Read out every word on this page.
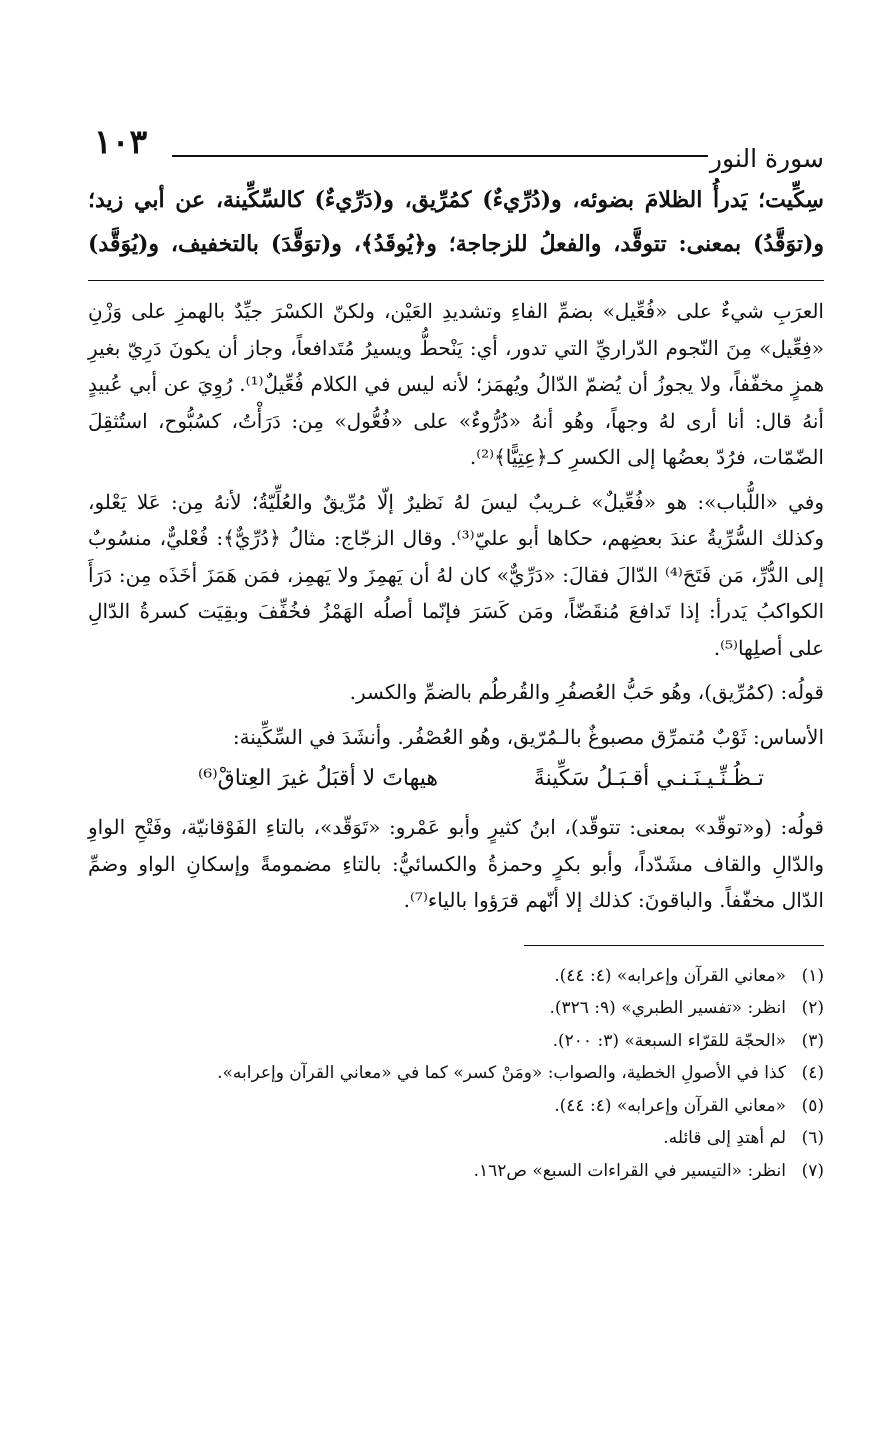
سورة النور
١٠٣
سِكِّيت؛ يَدرأُ الظلامَ بضوئه، و(دُرِّيءٌ) كمُرِّيق، و(دَرِّيءٌ) كالسِّكِّينة، عن أبي زيد؛
و(توَقَّدُ) بمعنى: تتوقَّد، والفعلُ للزجاجة؛ و﴿يُوقَدُ﴾، و(توَقَّدَ) بالتخفيف، و(يُوَقَّد)

العرَبِ شيءٌ على «فُعِّيل» بضمِّ الفاءِ وتشديدِ العَيْن، ولكنّ الكسْرَ جيِّدٌ بالهمزِ على وَزْنِ «فِعِّيل» مِنَ النّجوم الدّراريِّ التي تدور، أي: يَنْحطُّ ويسيرُ مُتَدافعاً، وجاز أن يكونَ دَرِيّ بغيرِ همزٍ مخفّفاً، ولا يجوزُ أن يُضمّ الدّالُ ويُهمَز؛ لأنه ليس في الكلام فُعِّيلٌ⁽¹⁾. رُوِيَ عن أبي عُبيدٍ أنهُ قال: أنا أرى لهُ وجهاً، وهُو أنهُ «دُرُّوءٌ» على «فُعُّول» مِن: دَرَأْتُ، كسُبُّوح، استُثقِلَ الضّمّات، فرُدّ بعضُها إلى الكسرِ كـ﴿عِتِيًّا﴾⁽²⁾.

وفي «اللُّباب»: هو «فُعِّيلٌ» غـريبٌ ليسَ لهُ نَظيرٌ إلّا مُرِّيقٌ والعُلِّيّةُ؛ لأنهُ مِن: عَلا يَعْلو، وكذلك السُّرِّيةُ عندَ بعضِهم، حكاها أبو عليّ⁽³⁾. وقال الزجّاج: مثالُ ﴿دُرِّيٌّ﴾: فُعْليٌّ، منسُوبٌ إلى الدُّرِّ، مَن فَتَحَ⁽⁴⁾ الدّالَ فقالَ: «دَرِّيٌّ» كان لهُ أن يَهمِزَ ولا يَهمِز، فمَن هَمَزَ أخَذَه مِن: دَرَأَ الكواكبُ يَدرأ: إذا تَدافعَ مُنقَضّاً، ومَن كَسَرَ فإنّما أصلُه الهَمْزُ فخُفِّفَ وبقِيَت كسرةُ الدّالِ على أصلِها⁽⁵⁾.

قولُه: (كمُرِّيق)، وهُو حَبُّ العُصفُرِ والقُرطُم بالضمِّ والكسر.

الأساس: ثَوْبٌ مُتمرِّق مصبوغٌ بالـمُرّيق، وهُو العُصْفُر. وأنشَدَ في السِّكِّينة:

تـظُـنِّـيـنَـنـي أقـبَـلُ سَكِّينةً
هيهاتَ لا أقبَلُ غيرَ العِتاقْ⁽⁶⁾

قولُه: (و«توقّد» بمعنى: تتوقّد)، ابنُ كثيرٍ وأبو عَمْرو: «تَوَقّد»، بالتاءِ الفَوْقانيّة، وفَتْحِ الواوِ والدّالِ والقاف مشَدّداً، وأبو بكرٍ وحمزةُ والكسائيُّ: بالتاءِ مضمومةً وإسكانِ الواو وضمِّ الدّال مخفّفاً. والباقونَ: كذلك إلا أنّهم قرَؤوا بالياء⁽⁷⁾.

(١)
«معاني القرآن وإعرابه» (٤: ٤٤).
(٢)
انظر: «تفسير الطبري» (٩: ٣٢٦).
(٣)
«الحجّة للقرّاء السبعة» (٣: ٢٠٠).
(٤)
كذا في الأصولِ الخطية، والصواب: «ومَنْ كسر» كما في «معاني القرآن وإعرابه».
(٥)
«معاني القرآن وإعرابه» (٤: ٤٤).
(٦)
لم أهتدِ إلى قائله.
(٧)
انظر: «التيسير في القراءات السبع» ص١٦٢.
